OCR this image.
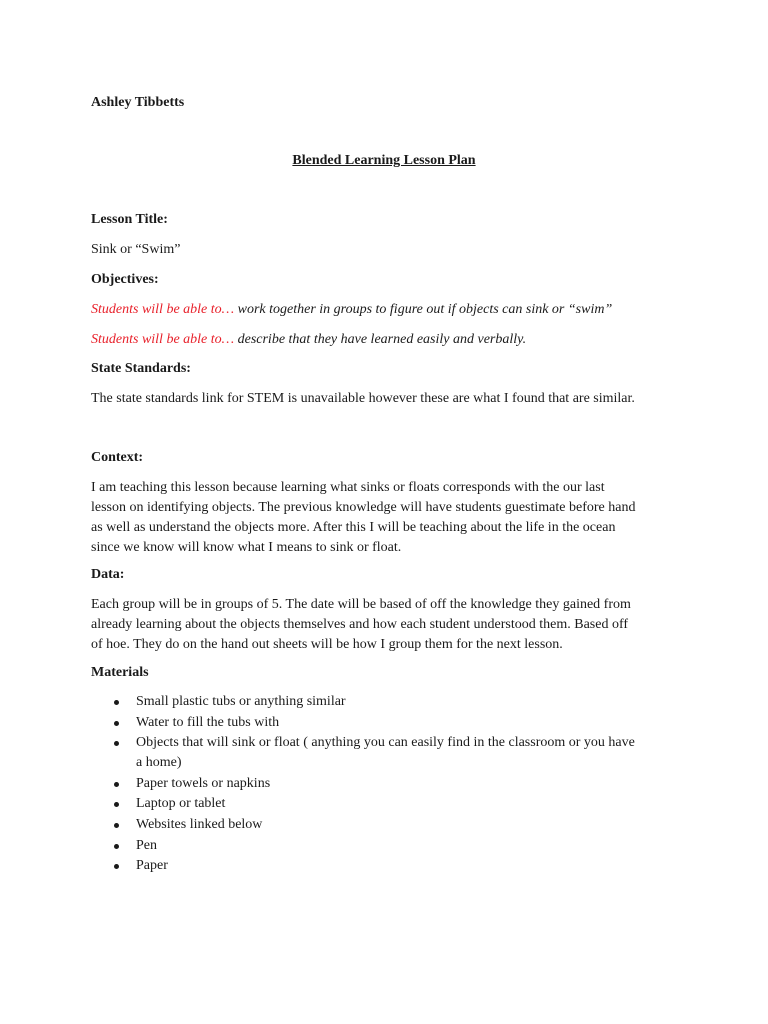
Ashley Tibbetts
Blended Learning Lesson Plan
Lesson Title:
Sink or “Swim”
Objectives:
Students will be able to… work together in groups to figure out if objects can sink or “swim”
Students will be able to… describe that they have learned easily and verbally.
State Standards:
The state standards link for STEM is unavailable however these are what I found that are similar.
Context:
I am teaching this lesson because learning what sinks or floats corresponds with the our last
lesson on identifying objects. The previous knowledge will have students guestimate before hand
as well as understand the objects more. After this I will be teaching about the life in the ocean
since we know will know what I means to sink or float.
Data:
Each group will be in groups of 5. The date will be based of off the knowledge they gained from
already learning about the objects themselves and how each student understood them. Based off
of hoe. They do on the hand out sheets will be how I group them for the next lesson.
Materials
Small plastic tubs or anything similar
Water to fill the tubs with
Objects that will sink or float ( anything you can easily find in the classroom or you have
a home)
Paper towels or napkins
Laptop or tablet
Websites linked below
Pen
Paper
